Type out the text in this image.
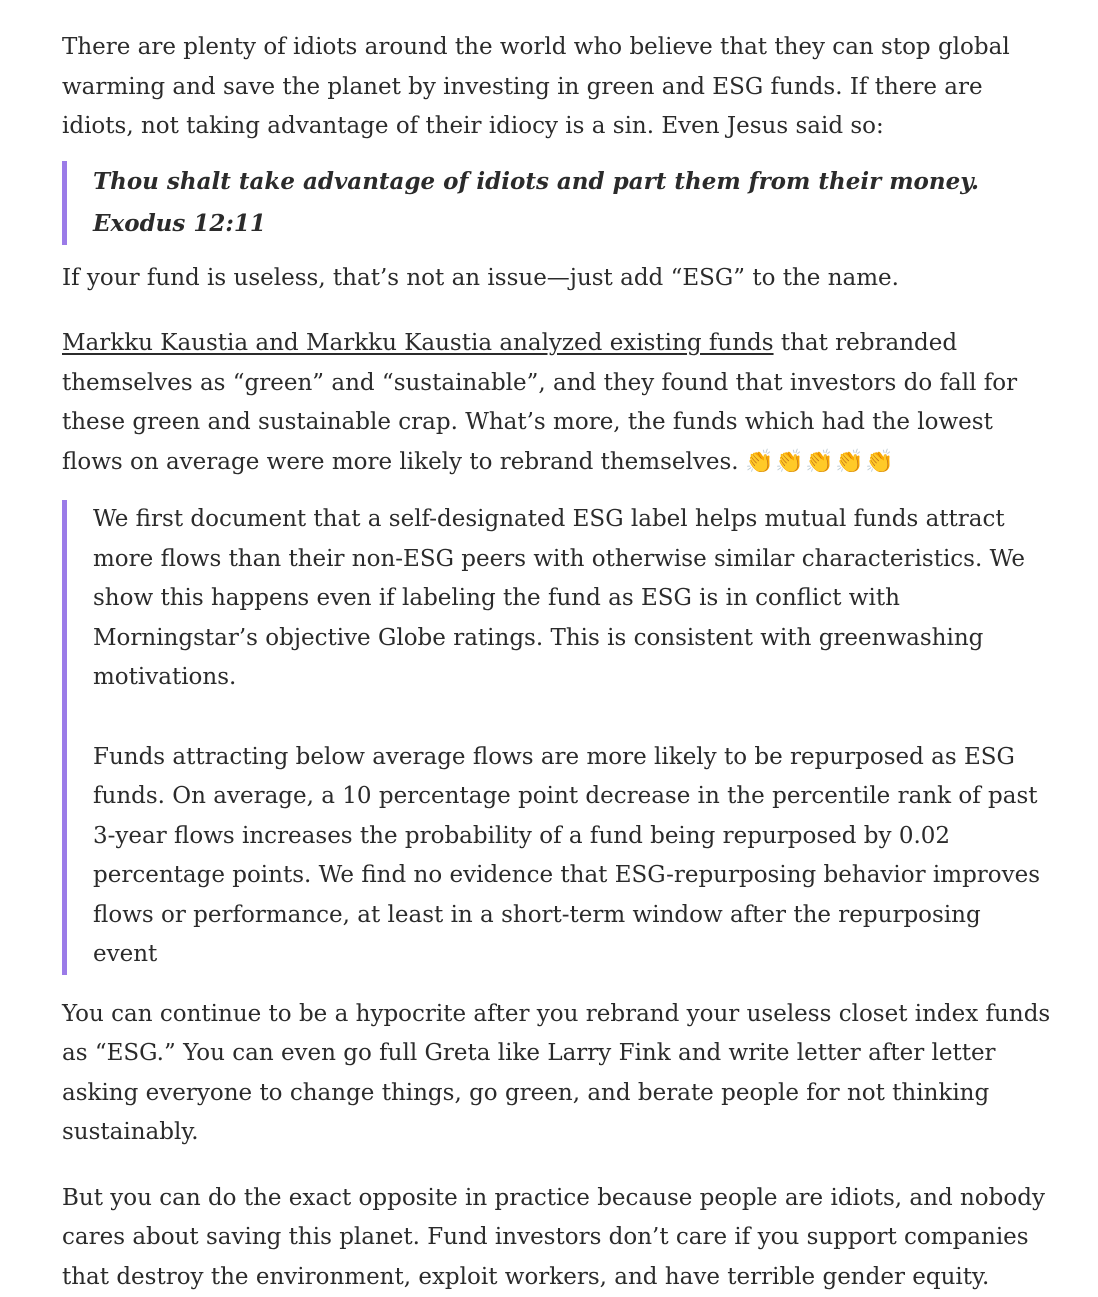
There are plenty of idiots around the world who believe that they can stop global warming and save the planet by investing in green and ESG funds. If there are idiots, not taking advantage of their idiocy is a sin. Even Jesus said so:

Thou shalt take advantage of idiots and part them from their money. Exodus 12:11

If your fund is useless, that’s not an issue—just add “ESG” to the name.

Markku Kaustia and Markku Kaustia analyzed existing funds that rebranded themselves as “green” and “sustainable”, and they found that investors do fall for these green and sustainable crap. What’s more, the funds which had the lowest flows on average were more likely to rebrand themselves. 👏👏👏👏👏

We first document that a self-designated ESG label helps mutual funds attract more flows than their non-ESG peers with otherwise similar characteristics. We show this happens even if labeling the fund as ESG is in conflict with Morningstar’s objective Globe ratings. This is consistent with greenwashing motivations.

Funds attracting below average flows are more likely to be repurposed as ESG funds. On average, a 10 percentage point decrease in the percentile rank of past 3-year flows increases the probability of a fund being repurposed by 0.02 percentage points. We find no evidence that ESG-repurposing behavior improves flows or performance, at least in a short-term window after the repurposing event

You can continue to be a hypocrite after you rebrand your useless closet index funds as “ESG.” You can even go full Greta like Larry Fink and write letter after letter asking everyone to change things, go green, and berate people for not thinking sustainably.

But you can do the exact opposite in practice because people are idiots, and nobody cares about saving this planet. Fund investors don’t care if you support companies that destroy the environment, exploit workers, and have terrible gender equity.
